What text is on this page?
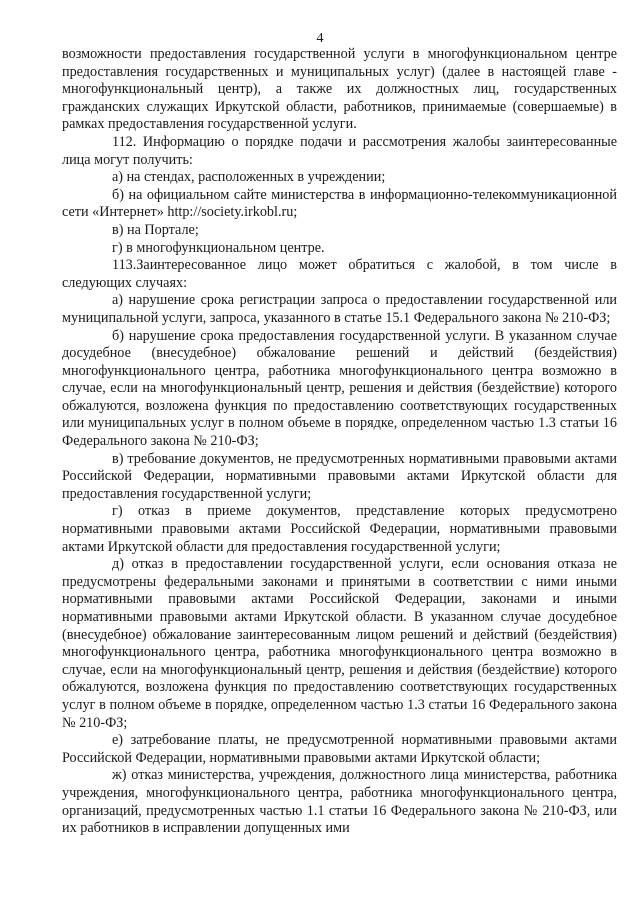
4

возможности предоставления государственной услуги в многофункциональном центре предоставления государственных и муниципальных услуг) (далее в настоящей главе - многофункциональный центр), а также их должностных лиц, государственных гражданских служащих Иркутской области, работников, принимаемые (совершаемые) в рамках предоставления государственной услуги.

112. Информацию о порядке подачи и рассмотрения жалобы заинтересованные лица могут получить:

а) на стендах, расположенных в учреждении;

б) на официальном сайте министерства в информационно-телекоммуникационной сети «Интернет» http://society.irkobl.ru;

в) на Портале;

г) в многофункциональном центре.

113.Заинтересованное лицо может обратиться с жалобой, в том числе в следующих случаях:

а) нарушение срока регистрации запроса о предоставлении государственной или муниципальной услуги, запроса, указанного в статье 15.1 Федерального закона № 210-ФЗ;

б) нарушение срока предоставления государственной услуги. В указанном случае досудебное (внесудебное) обжалование решений и действий (бездействия) многофункционального центра, работника многофункционального центра возможно в случае, если на многофункциональный центр, решения и действия (бездействие) которого обжалуются, возложена функция по предоставлению соответствующих государственных или муниципальных услуг в полном объеме в порядке, определенном частью 1.3 статьи 16 Федерального закона № 210-ФЗ;

в) требование документов, не предусмотренных нормативными правовыми актами Российской Федерации, нормативными правовыми актами Иркутской области для предоставления государственной услуги;

г) отказ в приеме документов, представление которых предусмотрено нормативными правовыми актами Российской Федерации, нормативными правовыми актами Иркутской области для предоставления государственной услуги;

д) отказ в предоставлении государственной услуги, если основания отказа не предусмотрены федеральными законами и принятыми в соответствии с ними иными нормативными правовыми актами Российской Федерации, законами и иными нормативными правовыми актами Иркутской области. В указанном случае досудебное (внесудебное) обжалование заинтересованным лицом решений и действий (бездействия) многофункционального центра, работника многофункционального центра возможно в случае, если на многофункциональный центр, решения и действия (бездействие) которого обжалуются, возложена функция по предоставлению соответствующих государственных услуг в полном объеме в порядке, определенном частью 1.3 статьи 16 Федерального закона № 210-ФЗ;

е) затребование платы, не предусмотренной нормативными правовыми актами Российской Федерации, нормативными правовыми актами Иркутской области;

ж) отказ министерства, учреждения, должностного лица министерства, работника учреждения, многофункционального центра, работника многофункционального центра, организаций, предусмотренных частью 1.1 статьи 16 Федерального закона № 210-ФЗ, или их работников в исправлении допущенных ими
